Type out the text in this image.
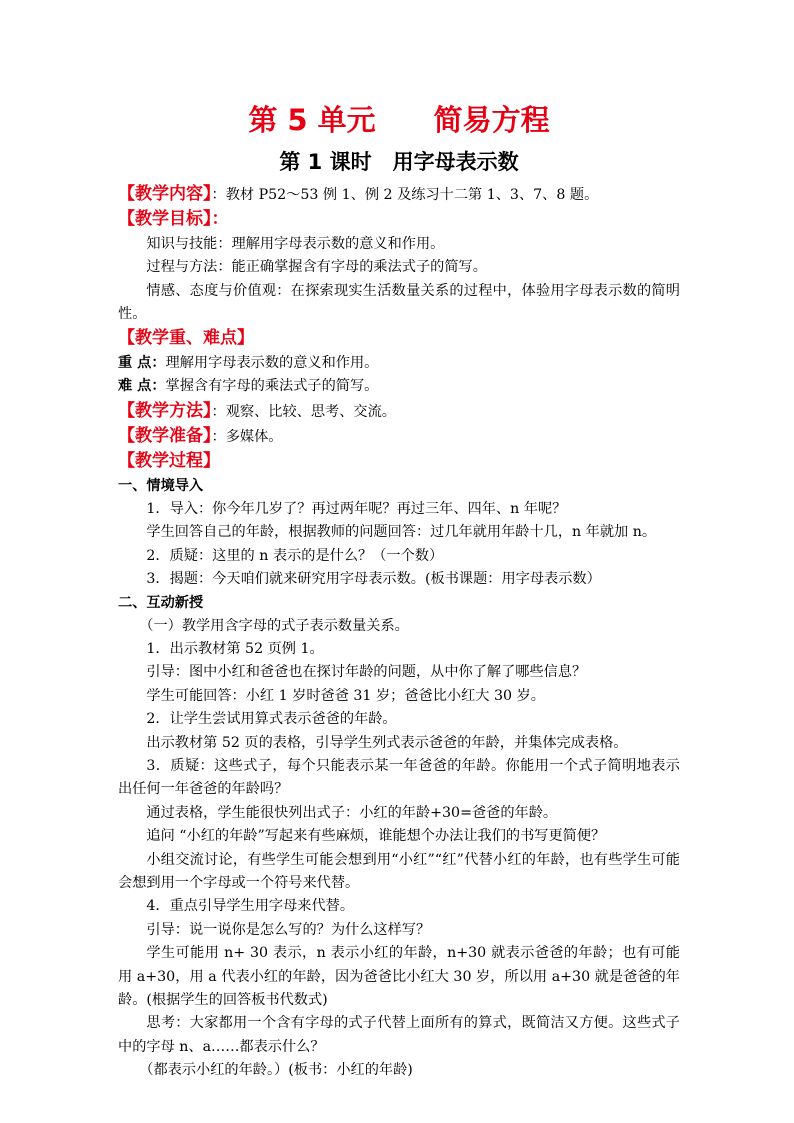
第 5 单元　　简易方程
第 1 课时　用字母表示数
【教学内容】：教材 P52～53 例 1、例 2 及练习十二第 1、3、7、8 题。
【教学目标】：
知识与技能：理解用字母表示数的意义和作用。
过程与方法：能正确掌握含有字母的乘法式子的简写。
情感、态度与价值观：在探索现实生活数量关系的过程中，体验用字母表示数的简明性。
【教学重、难点】
重 点：理解用字母表示数的意义和作用。
难 点：掌握含有字母的乘法式子的简写。
【教学方法】：观察、比较、思考、交流。
【教学准备】：多媒体。
【教学过程】
一、情境导入
1．导入：你今年几岁了？再过两年呢？再过三年、四年、n 年呢？
学生回答自己的年龄，根据教师的问题回答：过几年就用年龄十几，n 年就加 n。
2．质疑：这里的 n 表示的是什么？（一个数）
3．揭题：今天咱们就来研究用字母表示数。(板书课题：用字母表示数）
二、互动新授
（一）教学用含字母的式子表示数量关系。
1．出示教材第 52 页例 1。
引导：图中小红和爸爸也在探讨年龄的问题，从中你了解了哪些信息？
学生可能回答：小红 1 岁时爸爸 31 岁；爸爸比小红大 30 岁。
2．让学生尝试用算式表示爸爸的年龄。
出示教材第 52 页的表格，引导学生列式表示爸爸的年龄，并集体完成表格。
3．质疑：这些式子，每个只能表示某一年爸爸的年龄。你能用一个式子简明地表示出任何一年爸爸的年龄吗？
通过表格，学生能很快列出式子：小红的年龄+30=爸爸的年龄。
追问 “小红的年龄”写起来有些麻烦，谁能想个办法让我们的书写更简便？
小组交流讨论，有些学生可能会想到用“小红”“红”代替小红的年龄，也有些学生可能会想到用一个字母或一个符号来代替。
4．重点引导学生用字母来代替。
引导：说一说你是怎么写的？为什么这样写？
学生可能用 n+ 30 表示，n 表示小红的年龄，n+30 就表示爸爸的年龄；也有可能用 a+30，用 a 代表小红的年龄，因为爸爸比小红大 30 岁，所以用 a+30 就是爸爸的年龄。(根据学生的回答板书代数式)
思考：大家都用一个含有字母的式子代替上面所有的算式，既简洁又方便。这些式子中的字母 n、a……都表示什么？
（都表示小红的年龄。）(板书：小红的年龄)
